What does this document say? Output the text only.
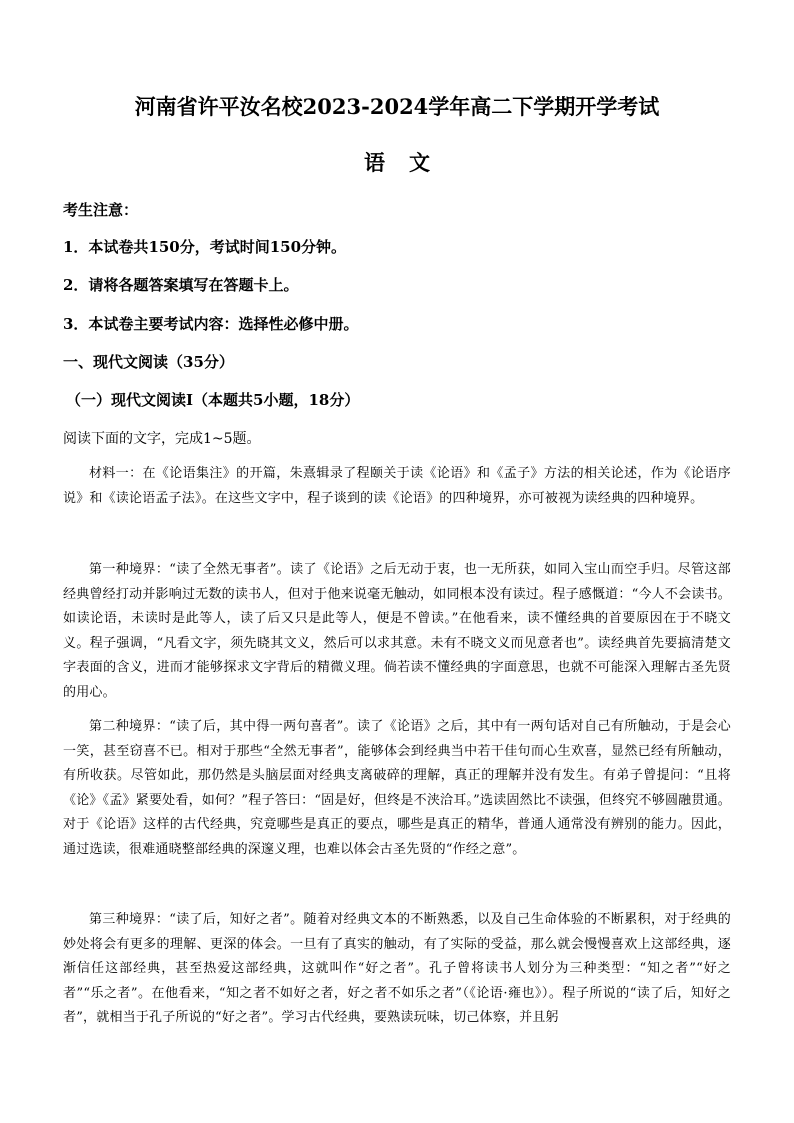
河南省许平汝名校2023-2024学年高二下学期开学考试
语文
考生注意：
1．本试卷共150分，考试时间150分钟。
2．请将各题答案填写在答题卡上。
3．本试卷主要考试内容：选择性必修中册。
一、现代文阅读（35分）
（一）现代文阅读Ⅰ（本题共5小题，18分）
阅读下面的文字，完成1~5题。
材料一：在《论语集注》的开篇，朱熹辑录了程颐关于读《论语》和《孟子》方法的相关论述，作为《论语序说》和《读论语孟子法》。在这些文字中，程子谈到的读《论语》的四种境界，亦可被视为读经典的四种境界。
第一种境界：“读了全然无事者”。读了《论语》之后无动于衷，也一无所获，如同入宝山而空手归。尽管这部经典曾经打动并影响过无数的读书人，但对于他来说毫无触动，如同根本没有读过。程子感慨道：“今人不会读书。如读论语，未读时是此等人，读了后又只是此等人，便是不曾读。”在他看来，读不懂经典的首要原因在于不晓文义。程子强调，“凡看文字，须先晓其文义，然后可以求其意。未有不晓文义而见意者也”。读经典首先要搞清楚文字表面的含义，进而才能够探求文字背后的精微义理。倘若读不懂经典的字面意思，也就不可能深入理解古圣先贤的用心。
第二种境界：“读了后，其中得一两句喜者”。读了《论语》之后，其中有一两句话对自己有所触动，于是会心一笑，甚至窃喜不已。相对于那些“全然无事者”，能够体会到经典当中若干佳句而心生欢喜，显然已经有所触动，有所收获。尽管如此，那仍然是头脑层面对经典支离破碎的理解，真正的理解并没有发生。有弟子曾提问：“且将《论》《孟》紧要处看，如何？”程子答曰：“固是好，但终是不浃洽耳。”选读固然比不读强，但终究不够圆融贯通。对于《论语》这样的古代经典，究竟哪些是真正的要点，哪些是真正的精华，普通人通常没有辨别的能力。因此，通过选读，很难通晓整部经典的深邃义理，也难以体会古圣先贤的“作经之意”。
第三种境界：“读了后，知好之者”。随着对经典文本的不断熟悉，以及自己生命体验的不断累积，对于经典的妙处将会有更多的理解、更深的体会。一旦有了真实的触动，有了实际的受益，那么就会慢慢喜欢上这部经典，逐渐信任这部经典，甚至热爱这部经典，这就叫作“好之者”。孔子曾将读书人划分为三种类型：“知之者”“好之者”“乐之者”。在他看来，“知之者不如好之者，好之者不如乐之者”（《论语·雍也》）。程子所说的“读了后，知好之者”，就相当于孔子所说的“好之者”。学习古代经典，要熟读玩味，切己体察，并且躬
